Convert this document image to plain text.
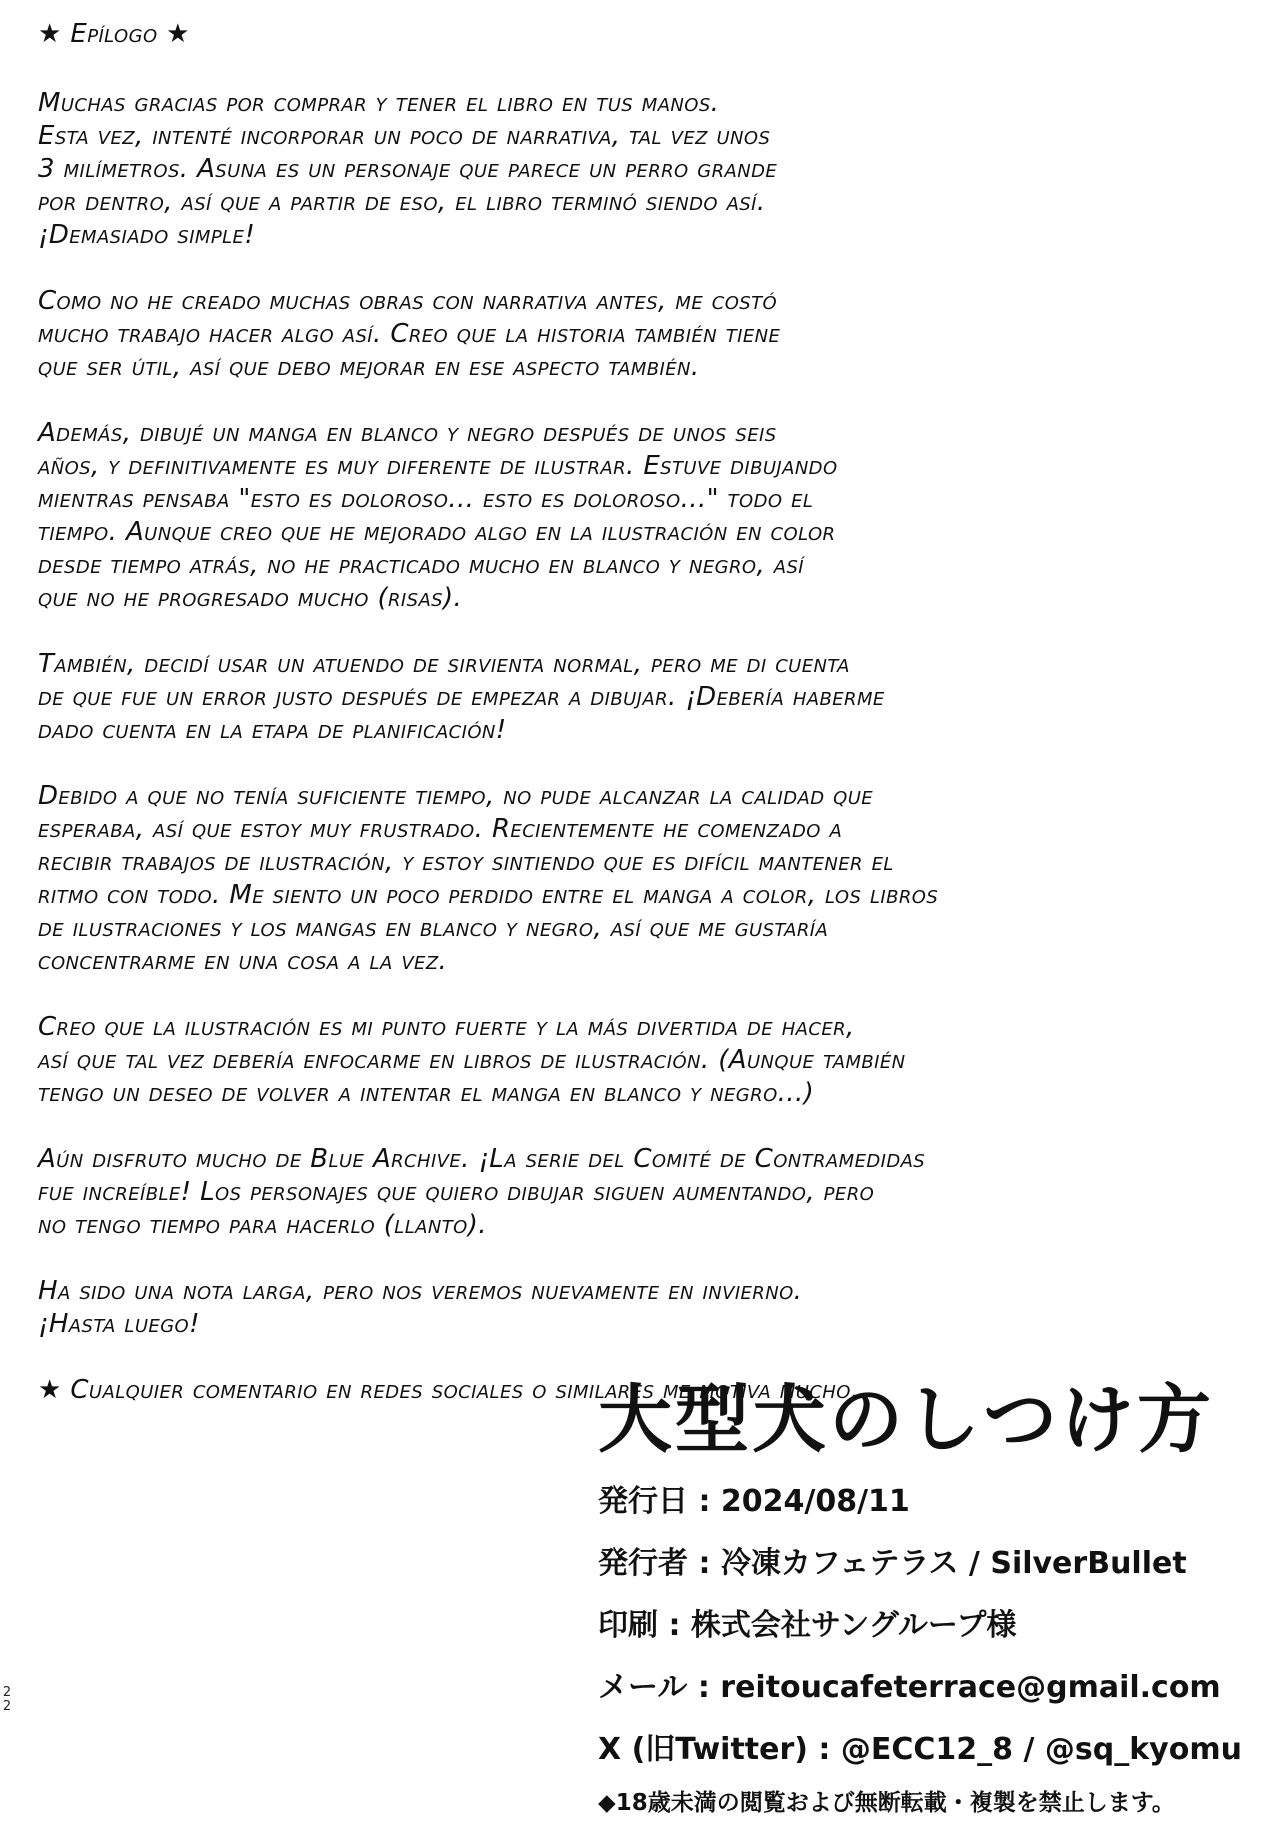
★ Epílogo ★

Muchas gracias por comprar y tener el libro en tus manos.
Esta vez, intenté incorporar un poco de narrativa, tal vez unos
3 milímetros. Asuna es un personaje que parece un perro grande
por dentro, así que a partir de eso, el libro terminó siendo así.
¡Demasiado simple!

Como no he creado muchas obras con narrativa antes, me costó
mucho trabajo hacer algo así. Creo que la historia también tiene
que ser útil, así que debo mejorar en ese aspecto también.

Además, dibujé un manga en blanco y negro después de unos seis
años, y definitivamente es muy diferente de ilustrar. Estuve dibujando
mientras pensaba "esto es doloroso... esto es doloroso..." todo el
tiempo. Aunque creo que he mejorado algo en la ilustración en color
desde tiempo atrás, no he practicado mucho en blanco y negro, así
que no he progresado mucho (risas).

También, decidí usar un atuendo de sirvienta normal, pero me di cuenta
de que fue un error justo después de empezar a dibujar. ¡Debería haberme
dado cuenta en la etapa de planificación!

Debido a que no tenía suficiente tiempo, no pude alcanzar la calidad que
esperaba, así que estoy muy frustrado. Recientemente he comenzado a
recibir trabajos de ilustración, y estoy sintiendo que es difícil mantener el
ritmo con todo. Me siento un poco perdido entre el manga a color, los libros
de ilustraciones y los mangas en blanco y negro, así que me gustaría
concentrarme en una cosa a la vez.

Creo que la ilustración es mi punto fuerte y la más divertida de hacer,
así que tal vez debería enfocarme en libros de ilustración. (Aunque también
tengo un deseo de volver a intentar el manga en blanco y negro...)

Aún disfruto mucho de Blue Archive. ¡La serie del Comité de Contramedidas
fue increíble! Los personajes que quiero dibujar siguen aumentando, pero
no tengo tiempo para hacerlo (llanto).

Ha sido una nota larga, pero nos veremos nuevamente en invierno.
¡Hasta luego!

★ Cualquier comentario en redes sociales o similares me motiva mucho.

大型犬のしつけ方
発行日 : 2024/08/11
発行者 : 冷凍カフェテラス / SilverBullet
印刷 : 株式会社サングループ様
メール : reitoucafeterrace@gmail.com
X (旧Twitter) : @ECC12_8 / @sq_kyomu
◆18歳未満の閲覧および無断転載・複製を禁止します。
22
